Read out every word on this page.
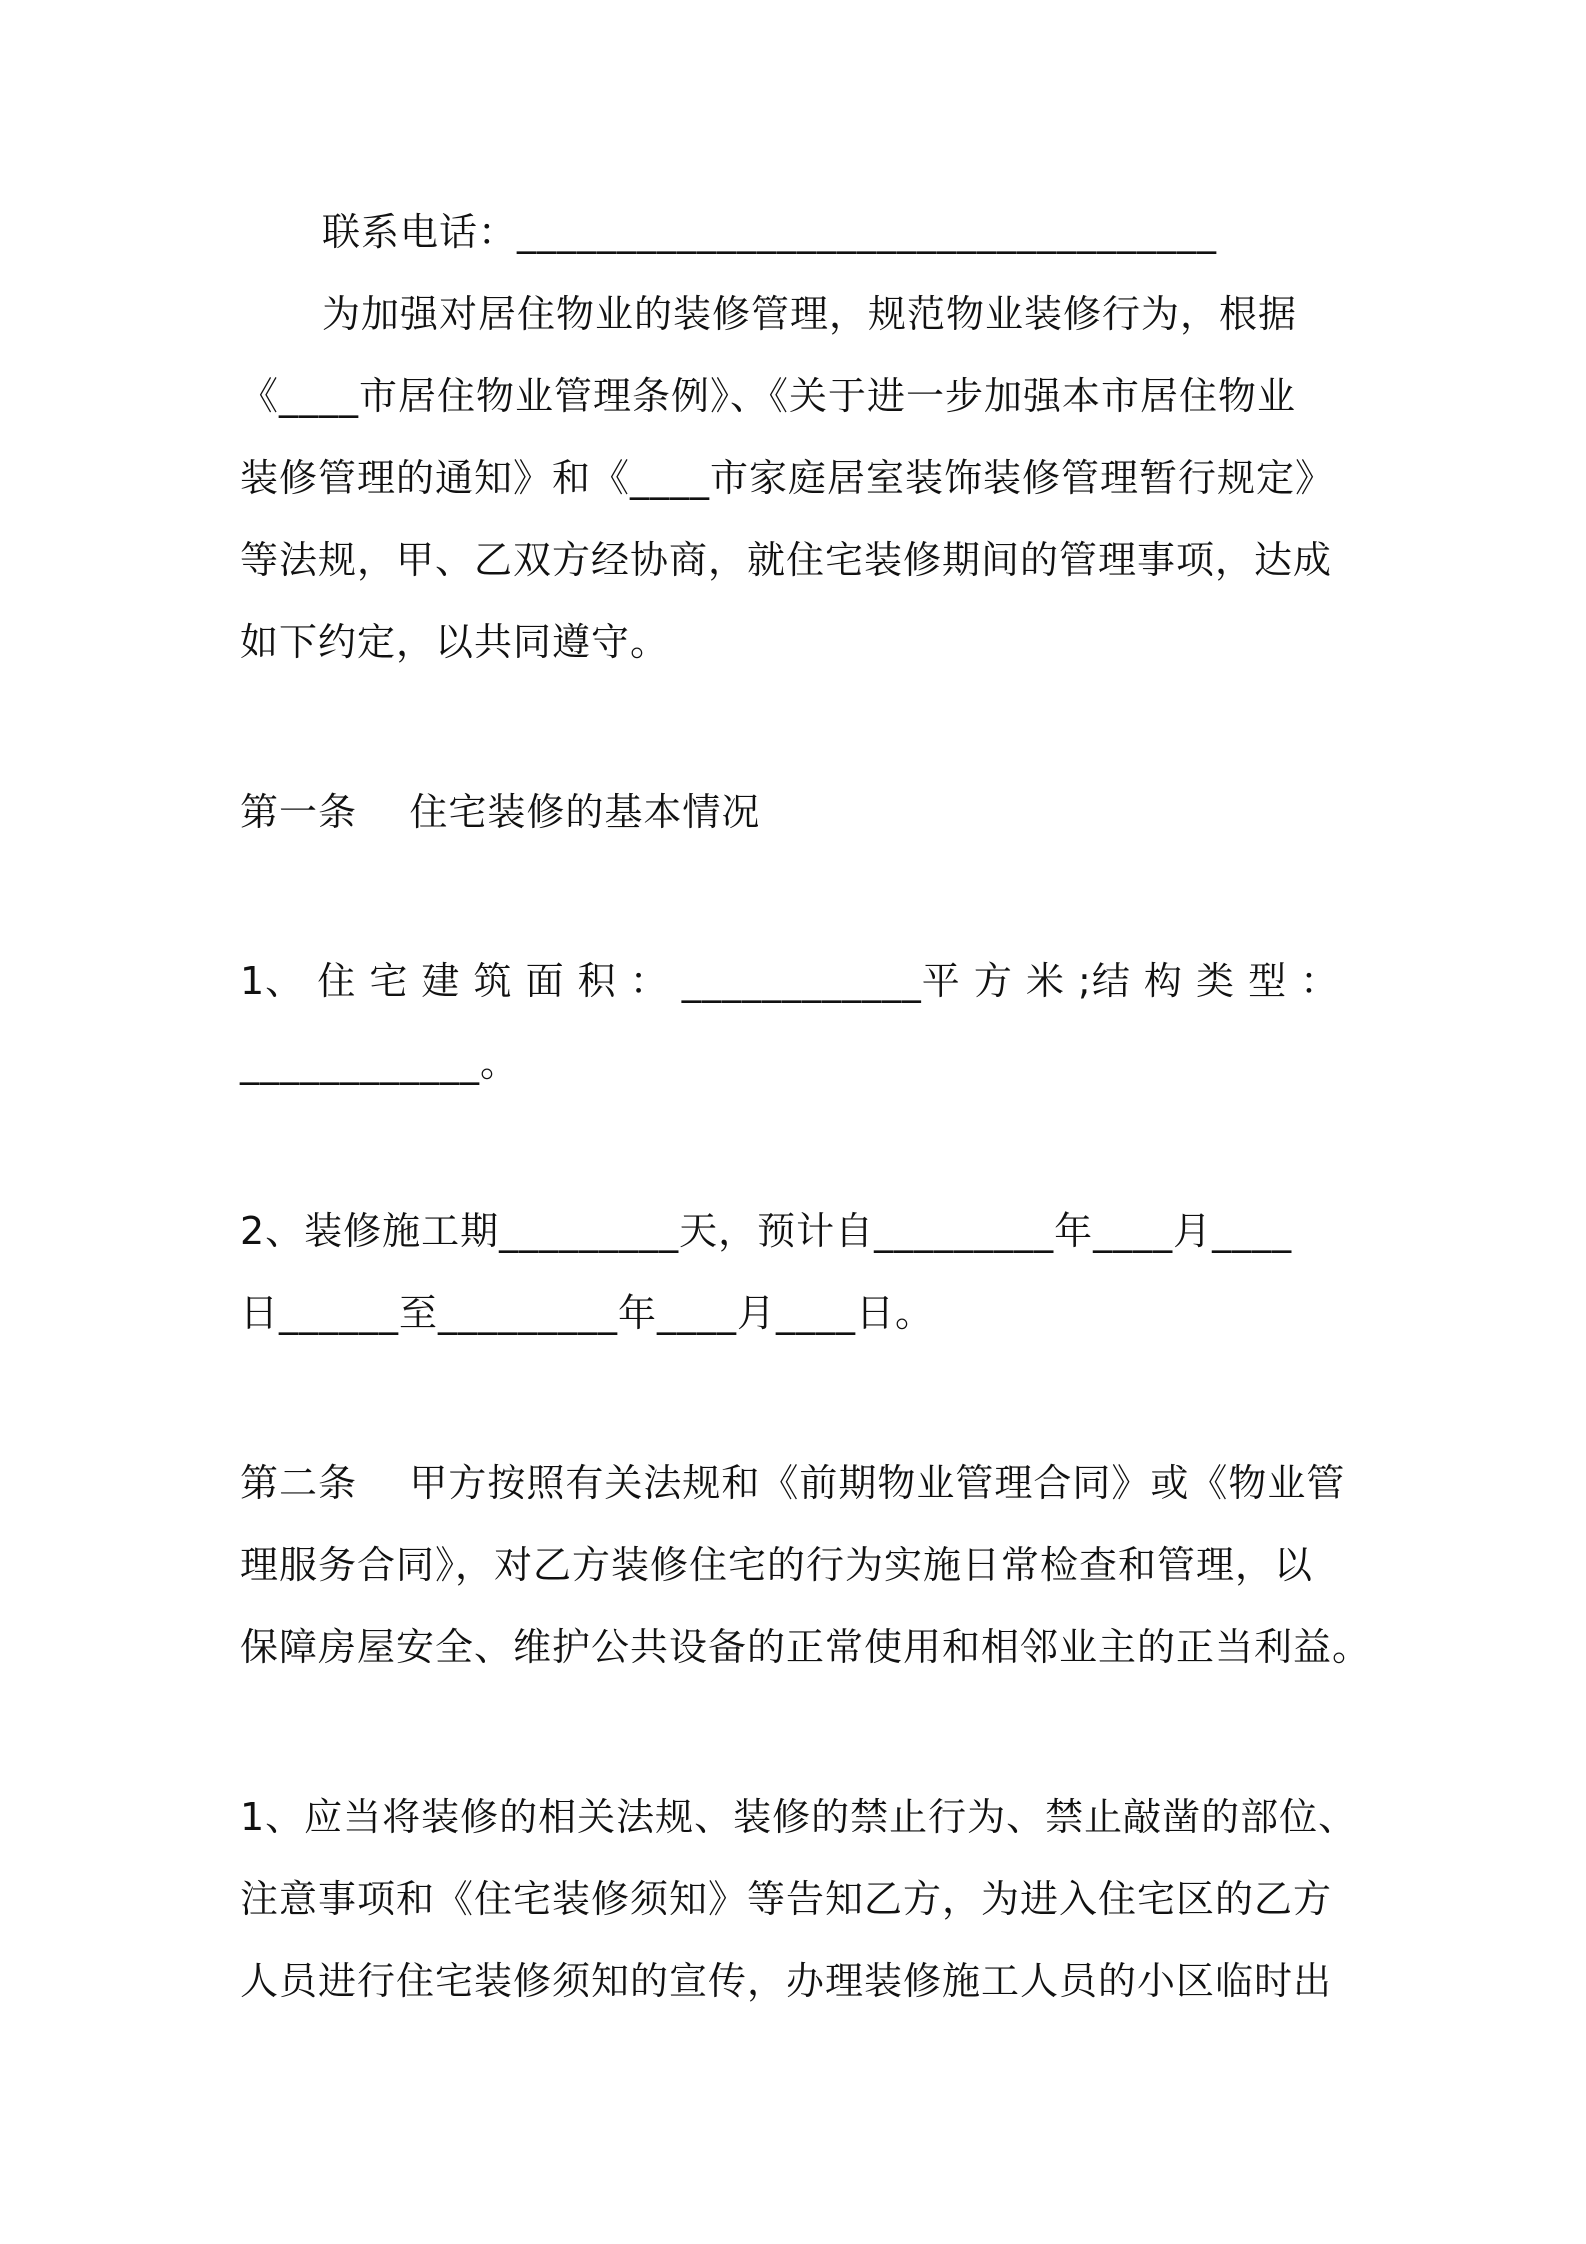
联系电话：___________________________________
为加强对居住物业的装修管理，规范物业装修行为，根据
《____市居住物业管理条例》、《关于进一步加强本市居住物业
装修管理的通知》和《____市家庭居室装饰装修管理暂行规定》
等法规，甲、乙双方经协商，就住宅装修期间的管理事项，达成
如下约定，以共同遵守。
第一条    住宅装修的基本情况
1、 住 宅 建 筑 面 积 ： ____________平 方 米 ;结 构 类 型 ：
____________。
2、装修施工期_________天，预计自_________年____月____
日______至_________年____月____日。
第二条    甲方按照有关法规和《前期物业管理合同》或《物业管
理服务合同》，对乙方装修住宅的行为实施日常检查和管理，以
保障房屋安全、维护公共设备的正常使用和相邻业主的正当利益。
1、应当将装修的相关法规、装修的禁止行为、禁止敲凿的部位、
注意事项和《住宅装修须知》等告知乙方，为进入住宅区的乙方
人员进行住宅装修须知的宣传，办理装修施工人员的小区临时出
